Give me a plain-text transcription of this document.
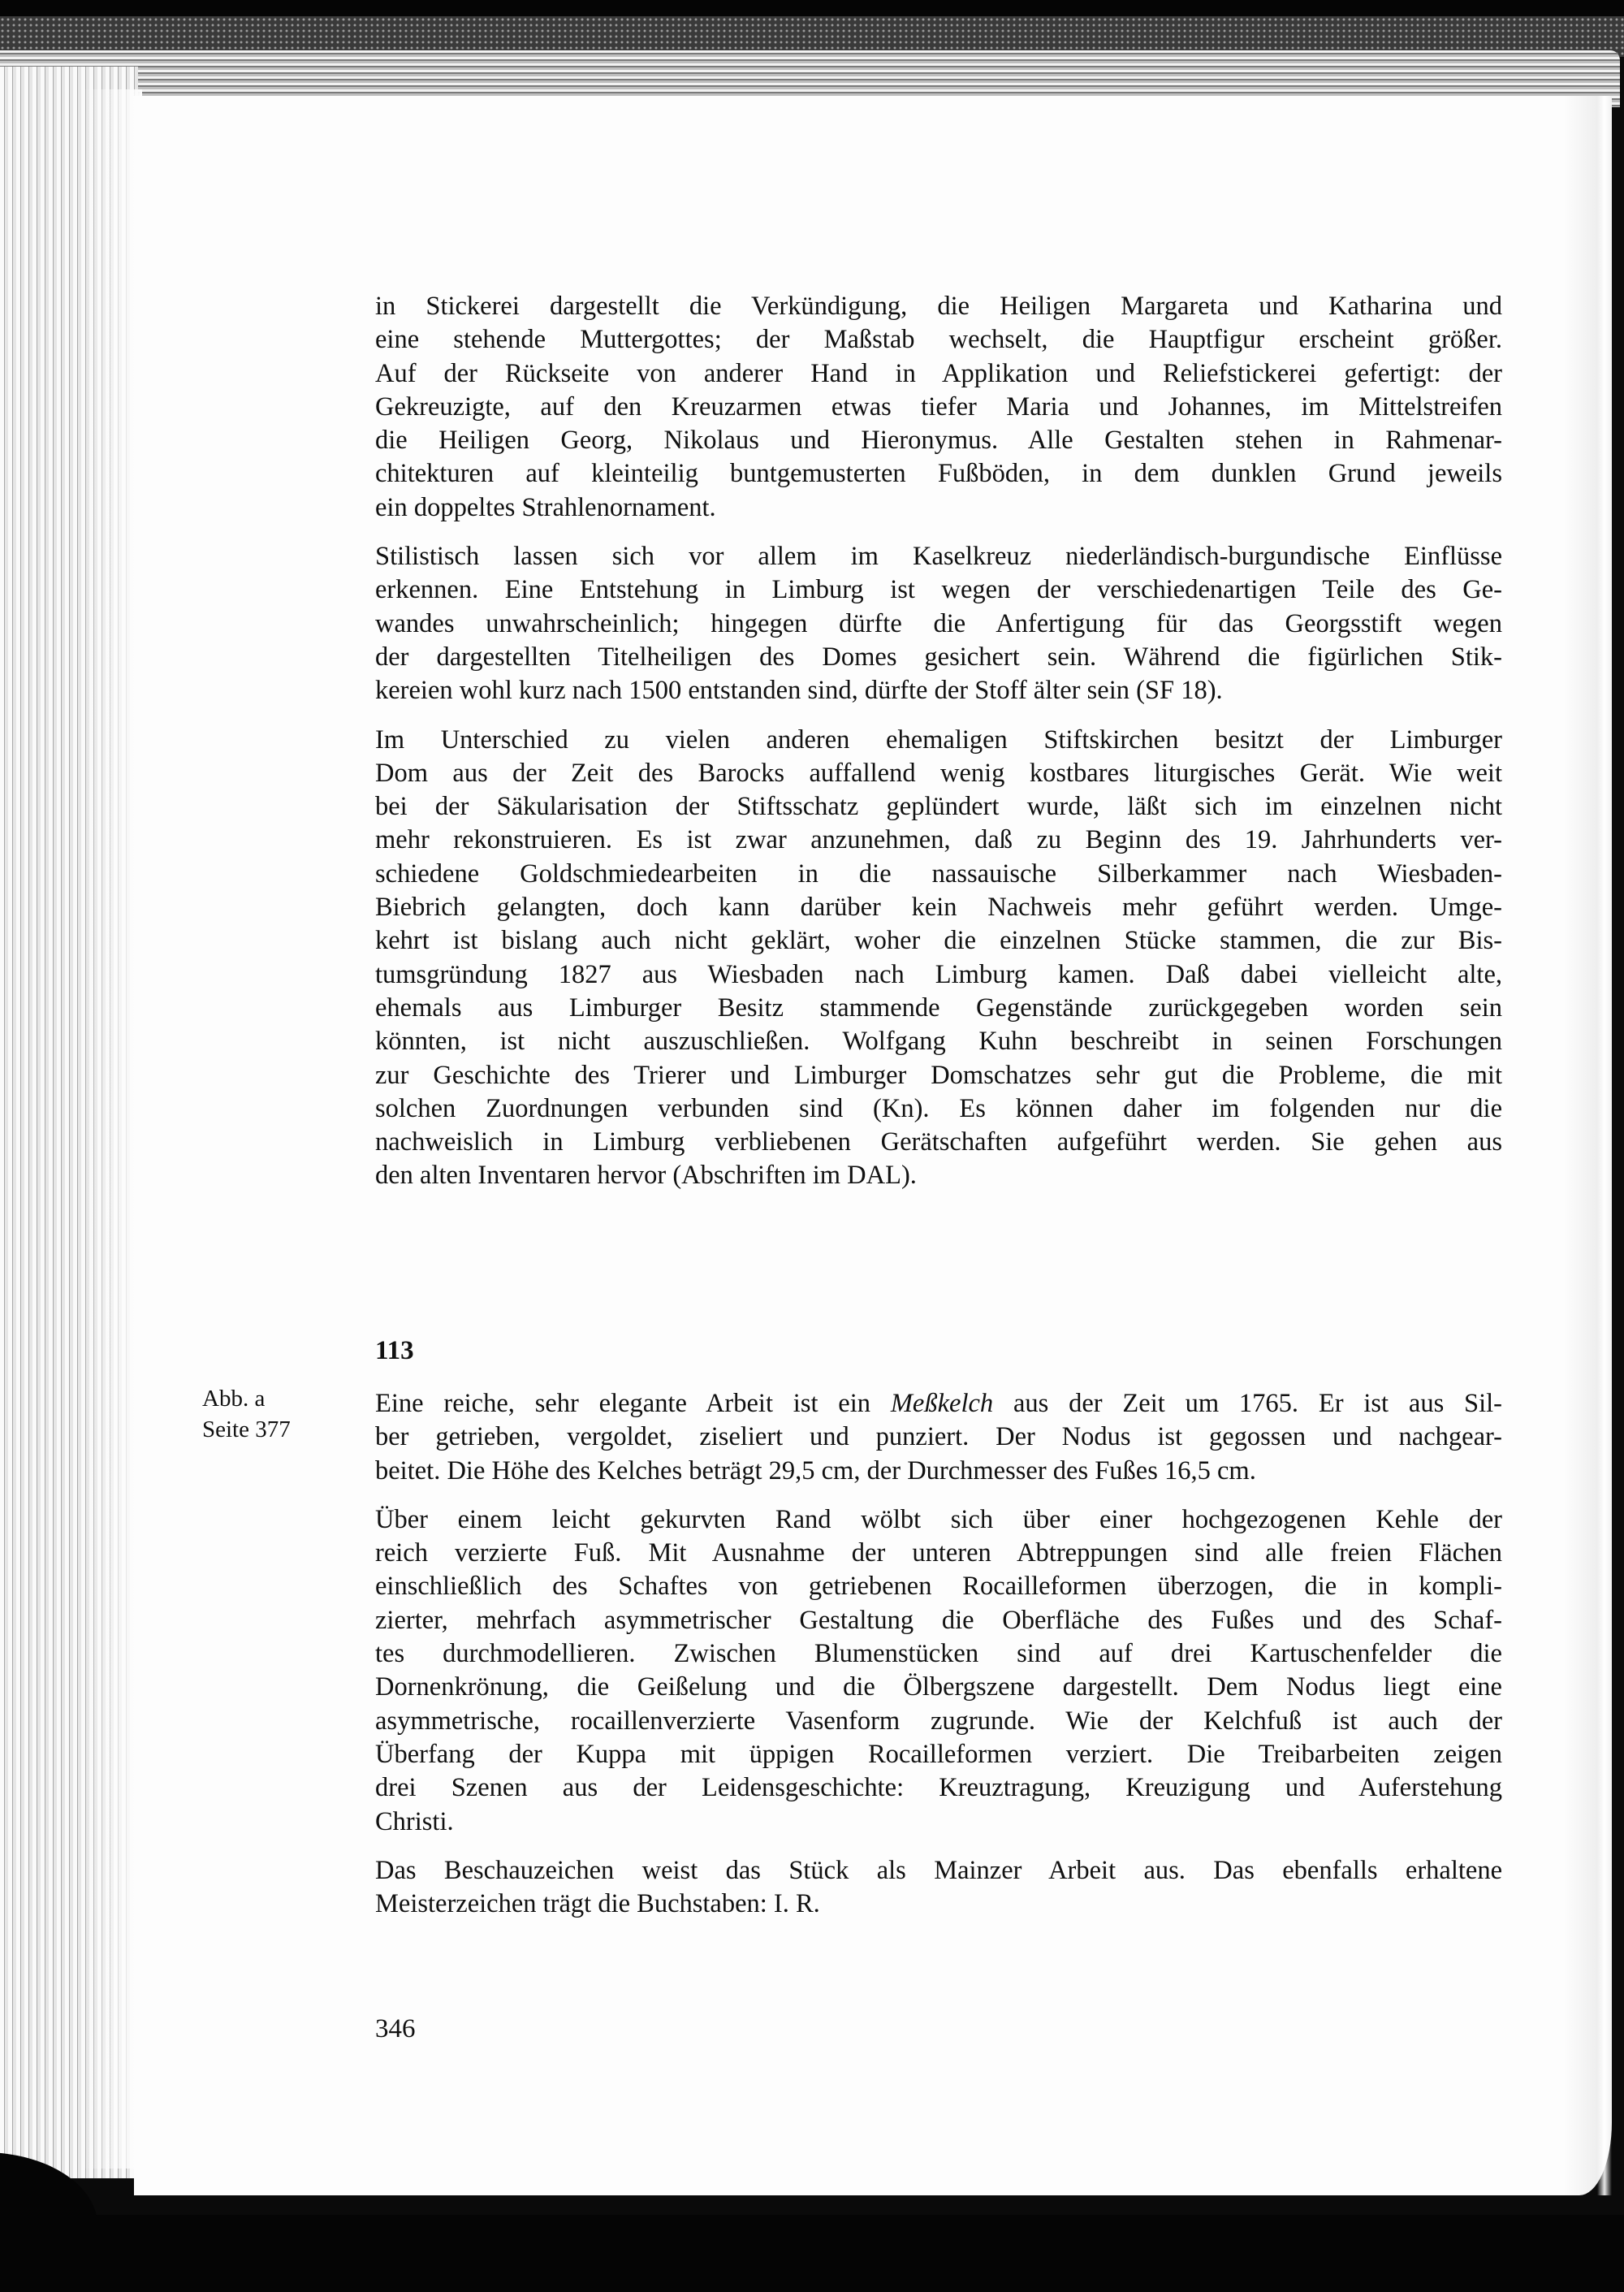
in Stickerei dargestellt die Verkündigung, die Heiligen Margareta und Katharina und
eine stehende Muttergottes; der Maßstab wechselt, die Hauptfigur erscheint größer.
Auf der Rückseite von anderer Hand in Applikation und Reliefstickerei gefertigt: der
Gekreuzigte, auf den Kreuzarmen etwas tiefer Maria und Johannes, im Mittelstreifen
die Heiligen Georg, Nikolaus und Hieronymus. Alle Gestalten stehen in Rahmenar-
chitekturen auf kleinteilig buntgemusterten Fußböden, in dem dunklen Grund jeweils
ein doppeltes Strahlenornament.

Stilistisch lassen sich vor allem im Kaselkreuz niederländisch-burgundische Einflüsse
erkennen. Eine Entstehung in Limburg ist wegen der verschiedenartigen Teile des Ge-
wandes unwahrscheinlich; hingegen dürfte die Anfertigung für das Georgsstift wegen
der dargestellten Titelheiligen des Domes gesichert sein. Während die figürlichen Stik-
kereien wohl kurz nach 1500 entstanden sind, dürfte der Stoff älter sein (SF 18).

Im Unterschied zu vielen anderen ehemaligen Stiftskirchen besitzt der Limburger
Dom aus der Zeit des Barocks auffallend wenig kostbares liturgisches Gerät. Wie weit
bei der Säkularisation der Stiftsschatz geplündert wurde, läßt sich im einzelnen nicht
mehr rekonstruieren. Es ist zwar anzunehmen, daß zu Beginn des 19. Jahrhunderts ver-
schiedene Goldschmiedearbeiten in die nassauische Silberkammer nach Wiesbaden-
Biebrich gelangten, doch kann darüber kein Nachweis mehr geführt werden. Umge-
kehrt ist bislang auch nicht geklärt, woher die einzelnen Stücke stammen, die zur Bis-
tumsgründung 1827 aus Wiesbaden nach Limburg kamen. Daß dabei vielleicht alte,
ehemals aus Limburger Besitz stammende Gegenstände zurückgegeben worden sein
könnten, ist nicht auszuschließen. Wolfgang Kuhn beschreibt in seinen Forschungen
zur Geschichte des Trierer und Limburger Domschatzes sehr gut die Probleme, die mit
solchen Zuordnungen verbunden sind (Kn). Es können daher im folgenden nur die
nachweislich in Limburg verbliebenen Gerätschaften aufgeführt werden. Sie gehen aus
den alten Inventaren hervor (Abschriften im DAL).

113
Abb. a
Seite 377

Eine reiche, sehr elegante Arbeit ist ein Meßkelch aus der Zeit um 1765. Er ist aus Sil-
ber getrieben, vergoldet, ziseliert und punziert. Der Nodus ist gegossen und nachgear-
beitet. Die Höhe des Kelches beträgt 29,5 cm, der Durchmesser des Fußes 16,5 cm.

Über einem leicht gekurvten Rand wölbt sich über einer hochgezogenen Kehle der
reich verzierte Fuß. Mit Ausnahme der unteren Abtreppungen sind alle freien Flächen
einschließlich des Schaftes von getriebenen Rocailleformen überzogen, die in kompli-
zierter, mehrfach asymmetrischer Gestaltung die Oberfläche des Fußes und des Schaf-
tes durchmodellieren. Zwischen Blumenstücken sind auf drei Kartuschenfelder die
Dornenkrönung, die Geißelung und die Ölbergszene dargestellt. Dem Nodus liegt eine
asymmetrische, rocaillenverzierte Vasenform zugrunde. Wie der Kelchfuß ist auch der
Überfang der Kuppa mit üppigen Rocailleformen verziert. Die Treibarbeiten zeigen
drei Szenen aus der Leidensgeschichte: Kreuztragung, Kreuzigung und Auferstehung
Christi.

Das Beschauzeichen weist das Stück als Mainzer Arbeit aus. Das ebenfalls erhaltene
Meisterzeichen trägt die Buchstaben: I. R.

346
